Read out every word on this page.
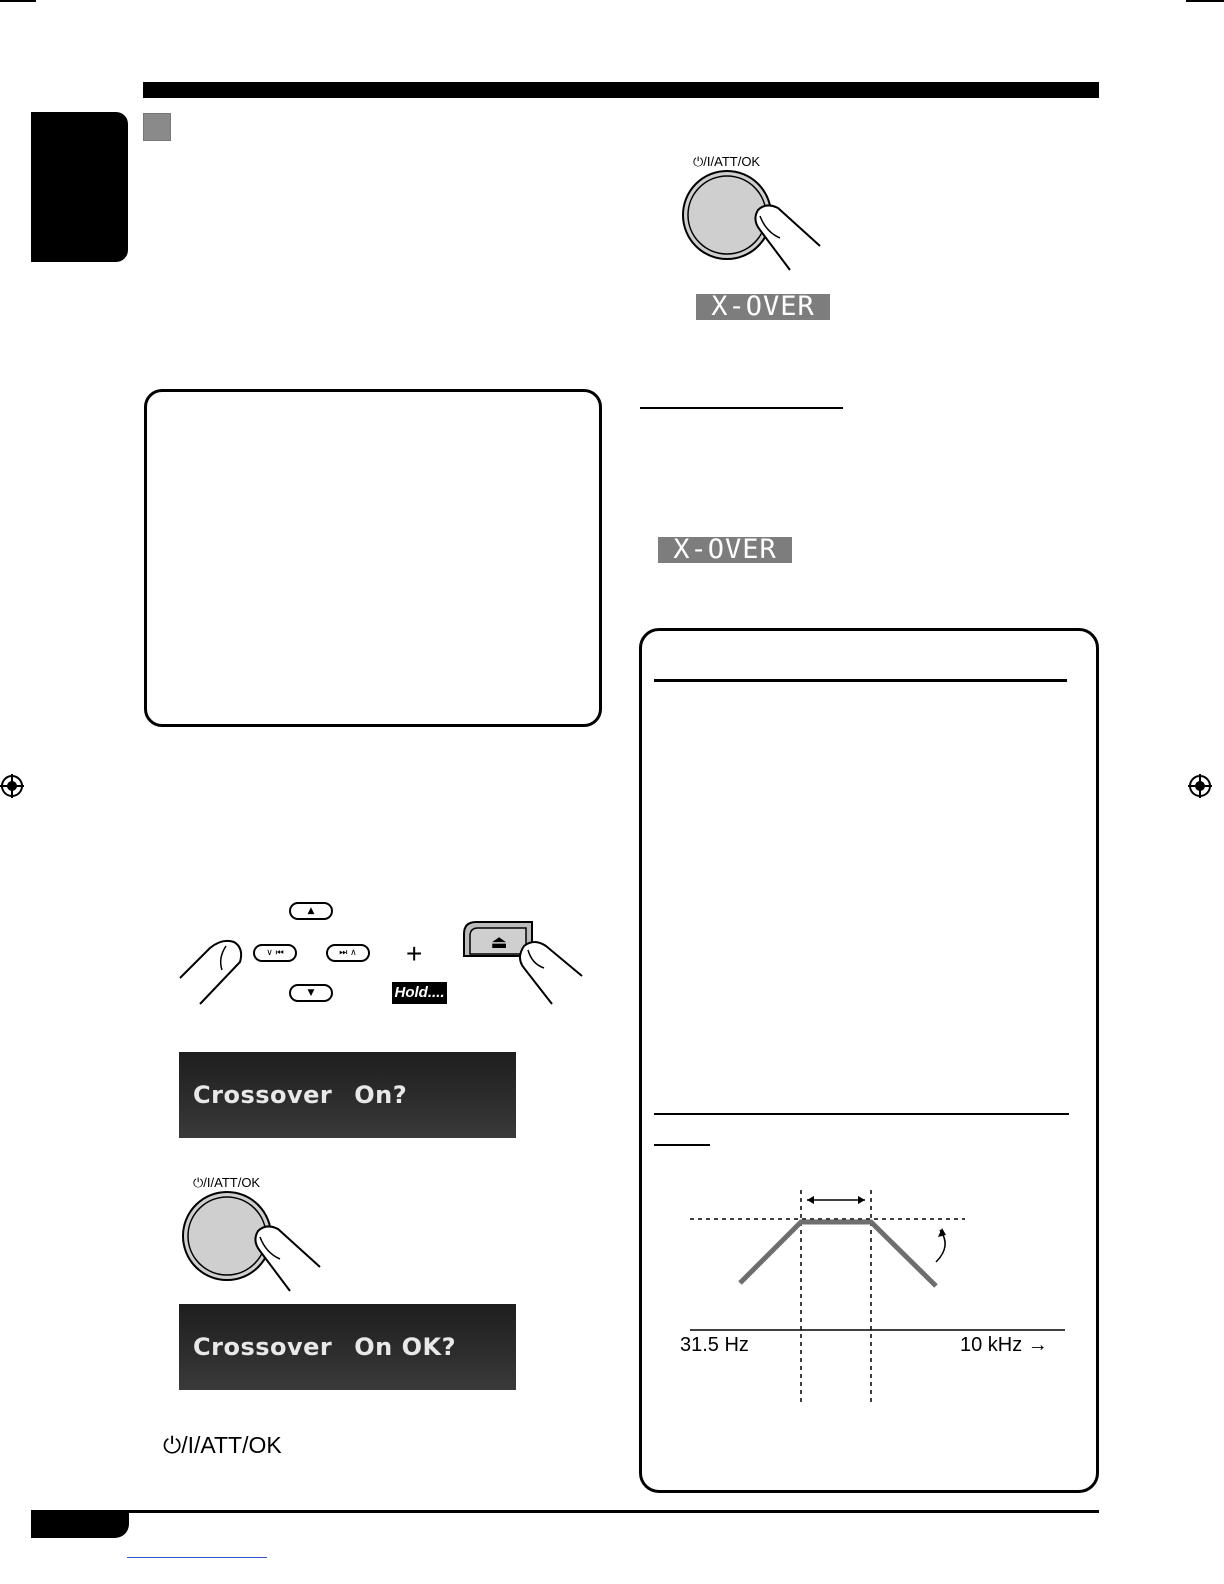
⏻/I/ATT/OK
X-OVER
X-OVER
▲
∨ ⏮	⏭ ∧
▼
+	⏏
Hold....
Crossover On?
⏻/I/ATT/OK
Crossover On OK?
⏻/I/ATT/OK
31.5 Hz	10 kHz →
